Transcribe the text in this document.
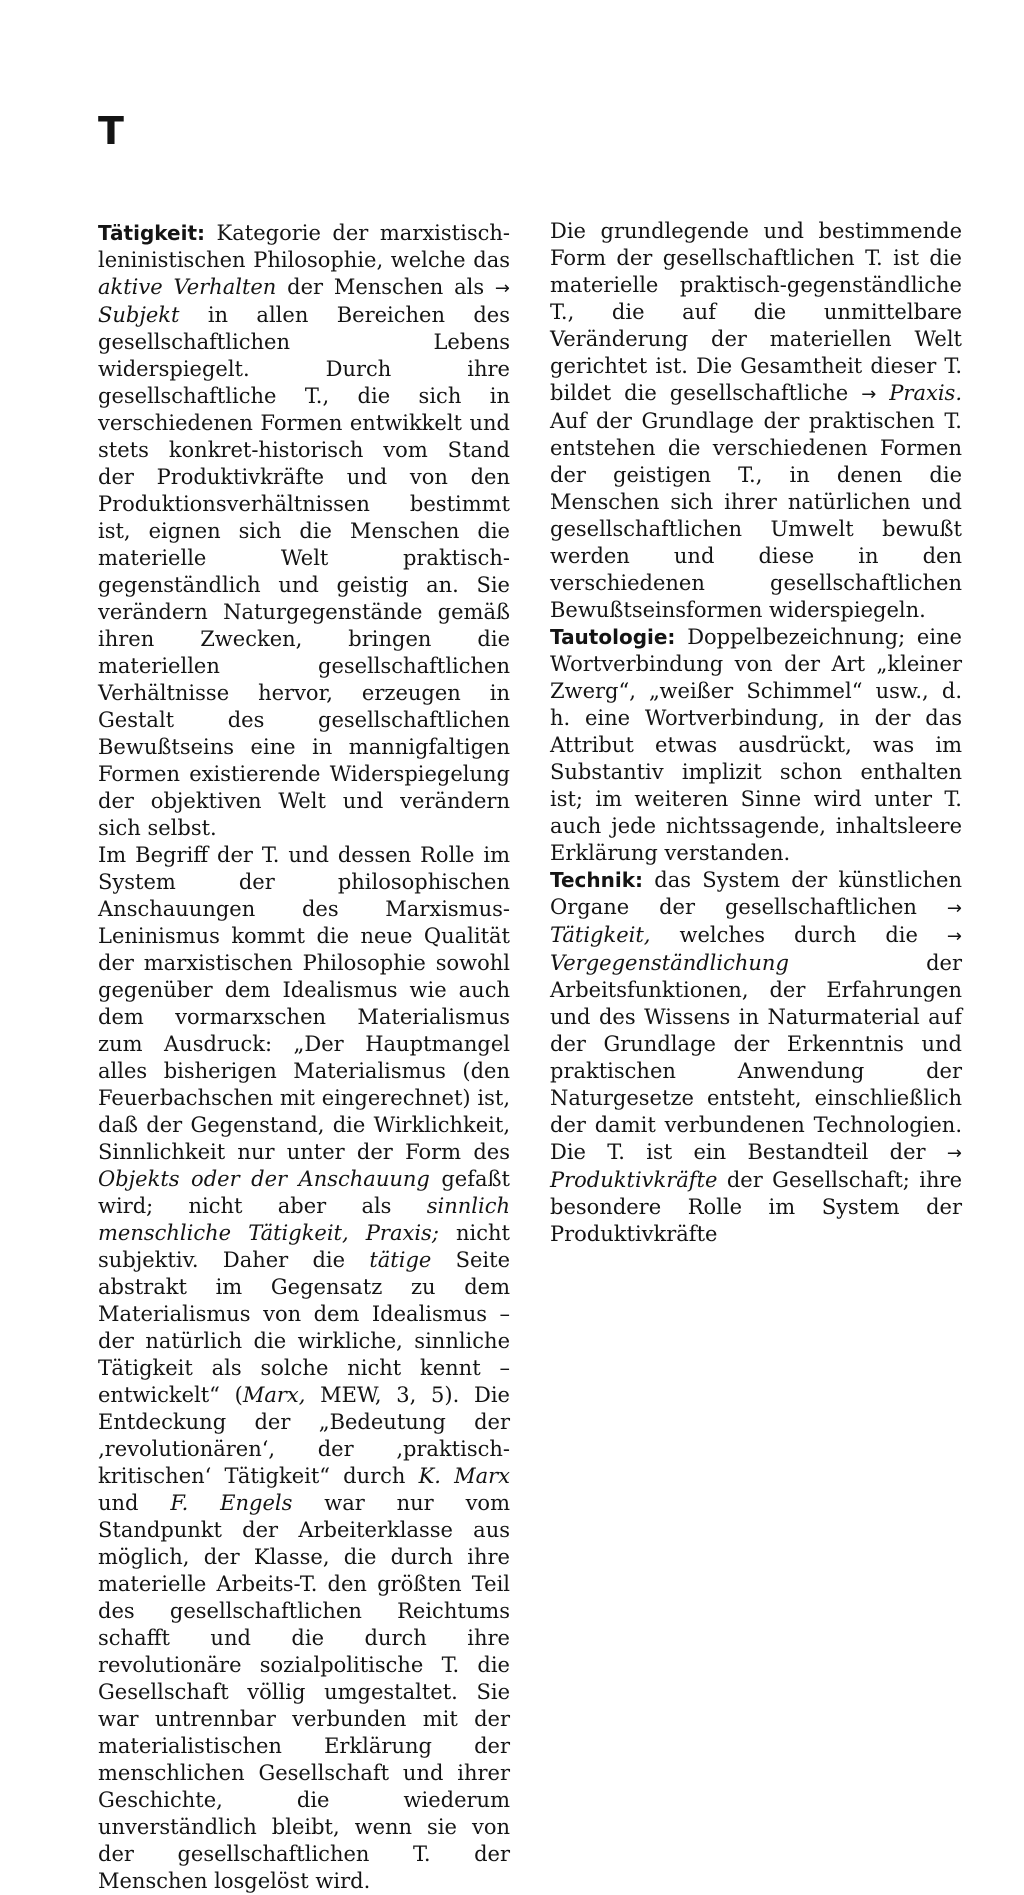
T

Tätigkeit: Kategorie der marxistisch-leninistischen Philosophie, welche das aktive Verhalten der Menschen als → Subjekt in allen Bereichen des gesellschaftlichen Lebens widerspiegelt. Durch ihre gesellschaftliche T., die sich in verschiedenen Formen entwikkelt und stets konkret-historisch vom Stand der Produktivkräfte und von den Produktionsverhältnissen bestimmt ist, eignen sich die Menschen die materielle Welt praktisch-gegenständlich und geistig an. Sie verändern Naturgegenstände gemäß ihren Zwecken, bringen die materiellen gesellschaftlichen Verhältnisse hervor, erzeugen in Gestalt des gesellschaftlichen Bewußtseins eine in mannigfaltigen Formen existierende Widerspiegelung der objektiven Welt und verändern sich selbst.

Im Begriff der T. und dessen Rolle im System der philosophischen Anschauungen des Marxismus-Leninismus kommt die neue Qualität der marxistischen Philosophie sowohl gegenüber dem Idealismus wie auch dem vormarxschen Materialismus zum Ausdruck: „Der Hauptmangel alles bisherigen Materialismus (den Feuerbachschen mit eingerechnet) ist, daß der Gegenstand, die Wirklichkeit, Sinnlichkeit nur unter der Form des Objekts oder der Anschauung gefaßt wird; nicht aber als sinnlich menschliche Tätigkeit, Praxis; nicht subjektiv. Daher die tätige Seite abstrakt im Gegensatz zu dem Materialismus von dem Idealismus – der natürlich die wirkliche, sinnliche Tätigkeit als solche nicht kennt – entwickelt“ (Marx, MEW, 3, 5). Die Entdeckung der „Bedeutung der ‚revolutionären‘, der ‚praktisch-kritischen‘ Tätigkeit“ durch K. Marx und F. Engels war nur vom Standpunkt der Arbeiterklasse aus möglich, der Klasse, die durch ihre materielle Arbeits-T. den größten Teil des gesellschaftlichen Reichtums schafft und die durch ihre revolutionäre sozialpolitische T. die Gesellschaft völlig umgestaltet. Sie war untrennbar verbunden mit der materialistischen Erklärung der menschlichen Gesellschaft und ihrer Geschichte, die wiederum unverständlich bleibt, wenn sie von der gesellschaftlichen T. der Menschen losgelöst wird.

Die grundlegende und bestimmende Form der gesellschaftlichen T. ist die materielle praktisch-gegenständliche T., die auf die unmittelbare Veränderung der materiellen Welt gerichtet ist. Die Gesamtheit dieser T. bildet die gesellschaftliche → Praxis. Auf der Grundlage der praktischen T. entstehen die verschiedenen Formen der geistigen T., in denen die Menschen sich ihrer natürlichen und gesellschaftlichen Umwelt bewußt werden und diese in den verschiedenen gesellschaftlichen Bewußtseinsformen widerspiegeln.

Tautologie: Doppelbezeichnung; eine Wortverbindung von der Art „kleiner Zwerg“, „weißer Schimmel“ usw., d. h. eine Wortverbindung, in der das Attribut etwas ausdrückt, was im Substantiv implizit schon enthalten ist; im weiteren Sinne wird unter T. auch jede nichtssagende, inhaltsleere Erklärung verstanden.

Technik: das System der künstlichen Organe der gesellschaftlichen → Tätigkeit, welches durch die → Vergegenständlichung der Arbeitsfunktionen, der Erfahrungen und des Wissens in Naturmaterial auf der Grundlage der Erkenntnis und praktischen Anwendung der Naturgesetze entsteht, einschließlich der damit verbundenen Technologien. Die T. ist ein Bestandteil der → Produktivkräfte der Gesellschaft; ihre besondere Rolle im System der Produktivkräfte
